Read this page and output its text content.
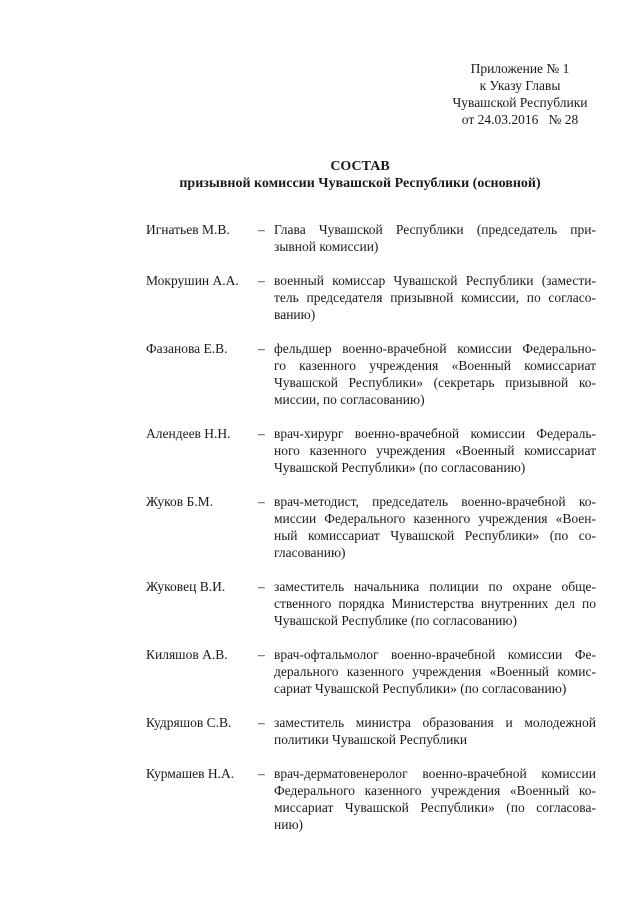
Приложение № 1
к Указу Главы
Чувашской Республики
от 24.03.2016   № 28
СОСТАВ
призывной комиссии Чувашской Республики (основной)
Игнатьев М.В.	– Глава Чувашской Республики (председатель при-
зывной комиссии)
Мокрушин А.А.	– военный комиссар Чувашской Республики (замести-
тель председателя призывной комиссии, по согласо-
ванию)
Фазанова Е.В.	– фельдшер военно-врачебной комиссии Федерально-
го казенного учреждения «Военный комиссариат
Чувашской Республики» (секретарь призывной ко-
миссии, по согласованию)
Алендеев Н.Н.	– врач-хирург военно-врачебной комиссии Федераль-
ного казенного учреждения «Военный комиссариат
Чувашской Республики» (по согласованию)
Жуков Б.М.	– врач-методист, председатель военно-врачебной ко-
миссии Федерального казенного учреждения «Воен-
ный комиссариат Чувашской Республики» (по со-
гласованию)
Жуковец В.И.	– заместитель начальника полиции по охране обще-
ственного порядка Министерства внутренних дел по
Чувашской Республике (по согласованию)
Киляшов А.В.	– врач-офтальмолог военно-врачебной комиссии Фе-
дерального казенного учреждения «Военный комис-
сариат Чувашской Республики» (по согласованию)
Кудряшов С.В.	– заместитель министра образования и молодежной
политики Чувашской Республики
Курмашев Н.А.	– врач-дерматовенеролог военно-врачебной комиссии
Федерального казенного учреждения «Военный ко-
миссариат Чувашской Республики» (по согласова-
нию)
